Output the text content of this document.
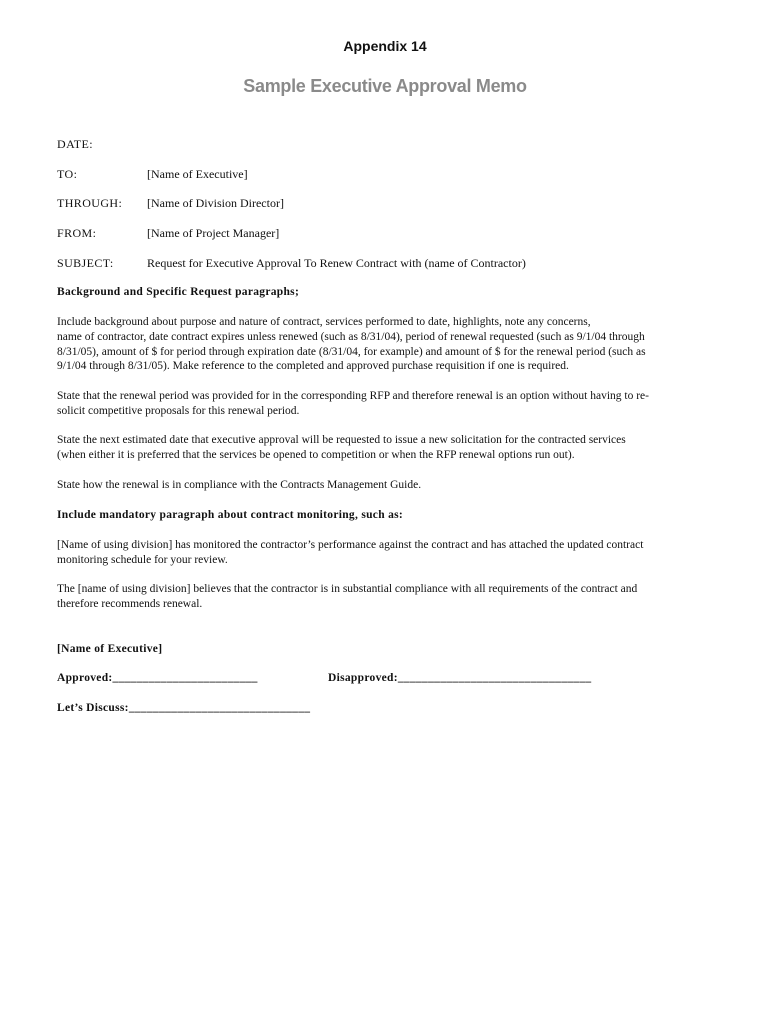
Appendix 14
Sample Executive Approval Memo
DATE:
TO:	[Name of Executive]
THROUGH: [Name of Division Director]
FROM:	[Name of Project Manager]
SUBJECT:	Request for Executive Approval To Renew Contract with (name of Contractor)
Background and Specific Request paragraphs;
Include background about purpose and nature of contract, services performed to date, highlights, note any concerns,
name of contractor, date contract expires unless renewed (such as 8/31/04), period of renewal requested (such as 9/1/04 through
8/31/05), amount of $ for period through expiration date (8/31/04, for example) and amount of $ for the renewal period (such as
9/1/04 through 8/31/05). Make reference to the completed and approved purchase requisition if one is required.
State that the renewal period was provided for in the corresponding RFP and therefore renewal is an option without having to re-
solicit competitive proposals for this renewal period.
State the next estimated date that executive approval will be requested to issue a new solicitation for the contracted services
(when either it is preferred that the services be opened to competition or when the RFP renewal options run out).
State how the renewal is in compliance with the Contracts Management Guide.
Include mandatory paragraph about contract monitoring, such as:
[Name of using division] has monitored the contractor’s performance against the contract and has attached the updated contract
monitoring schedule for your review.
The [name of using division] believes that the contractor is in substantial compliance with all requirements of the contract and
therefore recommends renewal.
[Name of Executive]
Approved:________________________	Disapproved:________________________________
Let’s Discuss:______________________________
